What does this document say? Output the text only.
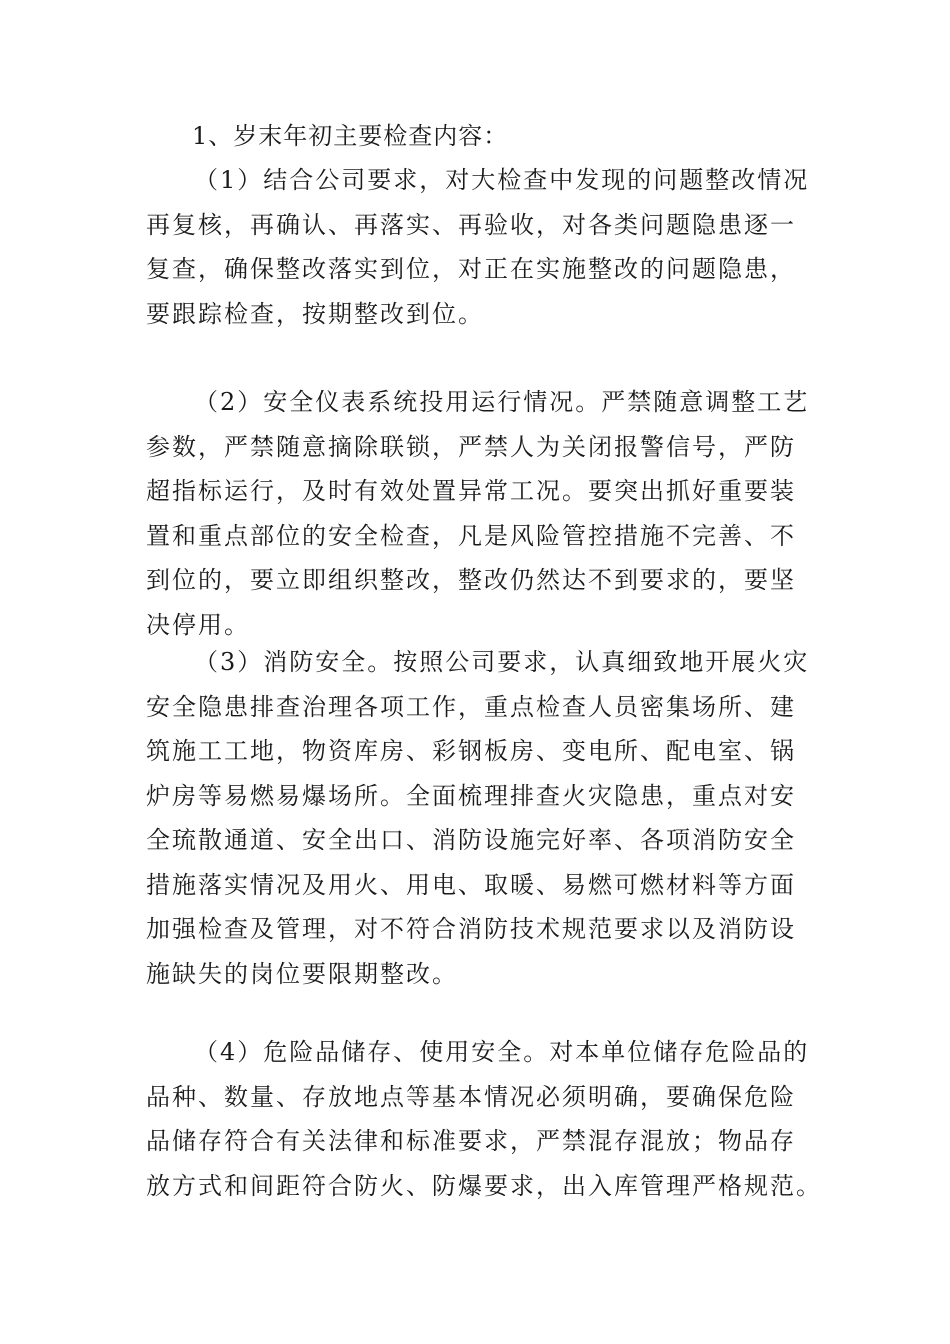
1、岁末年初主要检查内容：
（1）结合公司要求，对大检查中发现的问题整改情况
再复核，再确认、再落实、再验收，对各类问题隐患逐一
复查，确保整改落实到位，对正在实施整改的问题隐患，
要跟踪检查，按期整改到位。
（2）安全仪表系统投用运行情况。严禁随意调整工艺
参数，严禁随意摘除联锁，严禁人为关闭报警信号，严防
超指标运行，及时有效处置异常工况。要突出抓好重要装
置和重点部位的安全检查，凡是风险管控措施不完善、不
到位的，要立即组织整改，整改仍然达不到要求的，要坚
决停用。
（3）消防安全。按照公司要求，认真细致地开展火灾
安全隐患排查治理各项工作，重点检查人员密集场所、建
筑施工工地，物资库房、彩钢板房、变电所、配电室、锅
炉房等易燃易爆场所。全面梳理排查火灾隐患，重点对安
全琉散通道、安全出口、消防设施完好率、各项消防安全
措施落实情况及用火、用电、取暖、易燃可燃材料等方面
加强检查及管理，对不符合消防技术规范要求以及消防设
施缺失的岗位要限期整改。
（4）危险品储存、使用安全。对本单位储存危险品的
品种、数量、存放地点等基本情况必须明确，要确保危险
品储存符合有关法律和标准要求，严禁混存混放；物品存
放方式和间距符合防火、防爆要求，出入库管理严格规范。
